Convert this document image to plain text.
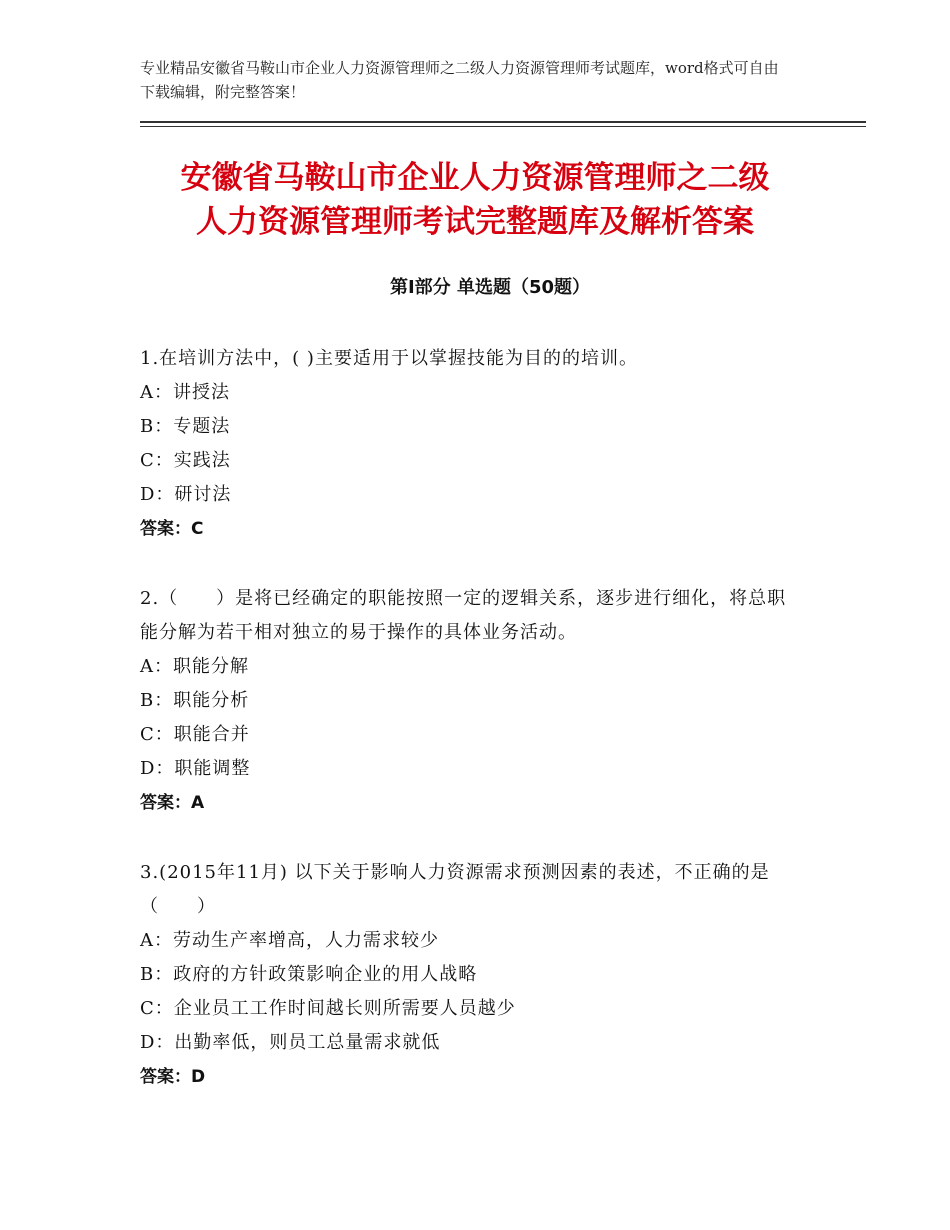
专业精品安徽省马鞍山市企业人力资源管理师之二级人力资源管理师考试题库，word格式可自由下载编辑，附完整答案！
安徽省马鞍山市企业人力资源管理师之二级
人力资源管理师考试完整题库及解析答案
第Ⅰ部分 单选题（50题）
1.在培训方法中，( )主要适用于以掌握技能为目的的培训。
A：讲授法
B：专题法
C：实践法
D：研讨法
答案：C
2.（　　）是将已经确定的职能按照一定的逻辑关系，逐步进行细化，将总职能分解为若干相对独立的易于操作的具体业务活动。
A：职能分解
B：职能分析
C：职能合并
D：职能调整
答案：A
3.(2015年11月) 以下关于影响人力资源需求预测因素的表述，不正确的是 （　　）
A：劳动生产率增高，人力需求较少
B：政府的方针政策影响企业的用人战略
C：企业员工工作时间越长则所需要人员越少
D：出勤率低，则员工总量需求就低
答案：D
